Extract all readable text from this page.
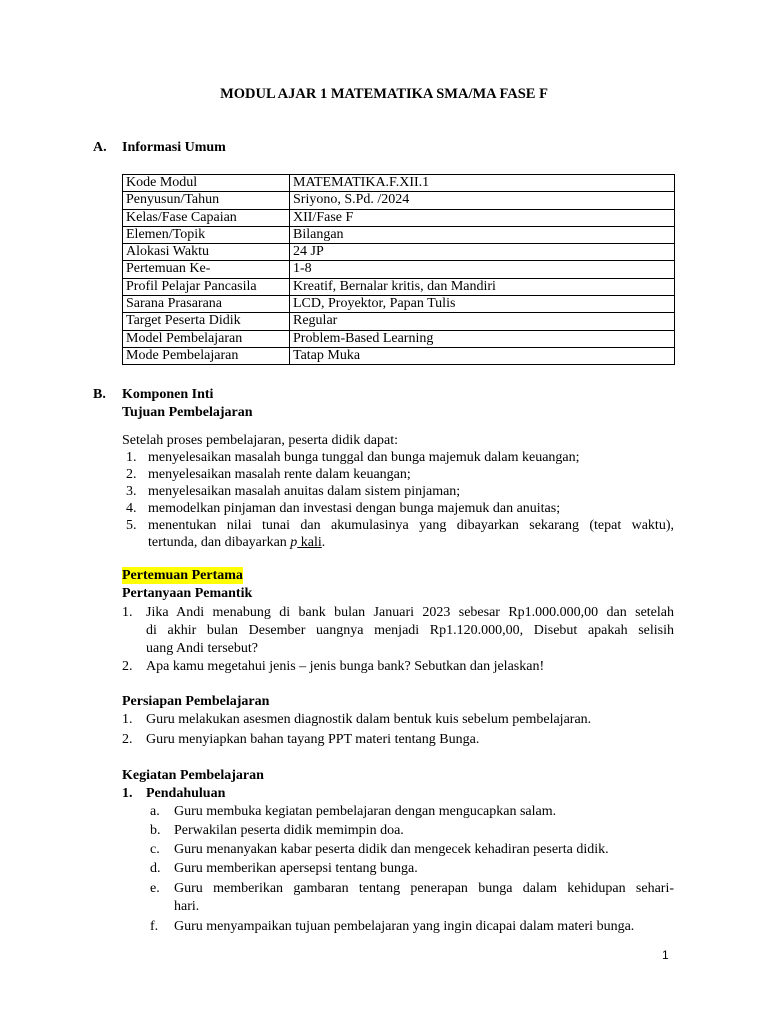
MODUL AJAR 1 MATEMATIKA SMA/MA FASE F
A. Informasi Umum
Kode Modul	MATEMATIKA.F.XII.1
Penyusun/Tahun	Sriyono, S.Pd. /2024
Kelas/Fase Capaian	XII/Fase F
Elemen/Topik	Bilangan
Alokasi Waktu	24 JP
Pertemuan Ke-	1-8
Profil Pelajar Pancasila	Kreatif, Bernalar kritis, dan Mandiri
Sarana Prasarana	LCD, Proyektor, Papan Tulis
Target Peserta Didik	Regular
Model Pembelajaran	Problem-Based Learning
Mode Pembelajaran	Tatap Muka
B. Komponen Inti
Tujuan Pembelajaran
Setelah proses pembelajaran, peserta didik dapat:
1. menyelesaikan masalah bunga tunggal dan bunga majemuk dalam keuangan;
2. menyelesaikan masalah rente dalam keuangan;
3. menyelesaikan masalah anuitas dalam sistem pinjaman;
4. memodelkan pinjaman dan investasi dengan bunga majemuk dan anuitas;
5. menentukan nilai tunai dan akumulasinya yang dibayarkan sekarang (tepat waktu),
tertunda, dan dibayarkan p kali.
Pertemuan Pertama
Pertanyaan Pemantik
1. Jika Andi menabung di bank bulan Januari 2023 sebesar Rp1.000.000,00 dan setelah
di akhir bulan Desember uangnya menjadi Rp1.120.000,00, Disebut apakah selisih
uang Andi tersebut?
2. Apa kamu megetahui jenis – jenis bunga bank? Sebutkan dan jelaskan!
Persiapan Pembelajaran
1. Guru melakukan asesmen diagnostik dalam bentuk kuis sebelum pembelajaran.
2. Guru menyiapkan bahan tayang PPT materi tentang Bunga.
Kegiatan Pembelajaran
1. Pendahuluan
a. Guru membuka kegiatan pembelajaran dengan mengucapkan salam.
b. Perwakilan peserta didik memimpin doa.
c. Guru menanyakan kabar peserta didik dan mengecek kehadiran peserta didik.
d. Guru memberikan apersepsi tentang bunga.
e. Guru memberikan gambaran tentang penerapan bunga dalam kehidupan sehari-
hari.
f. Guru menyampaikan tujuan pembelajaran yang ingin dicapai dalam materi bunga.
1
